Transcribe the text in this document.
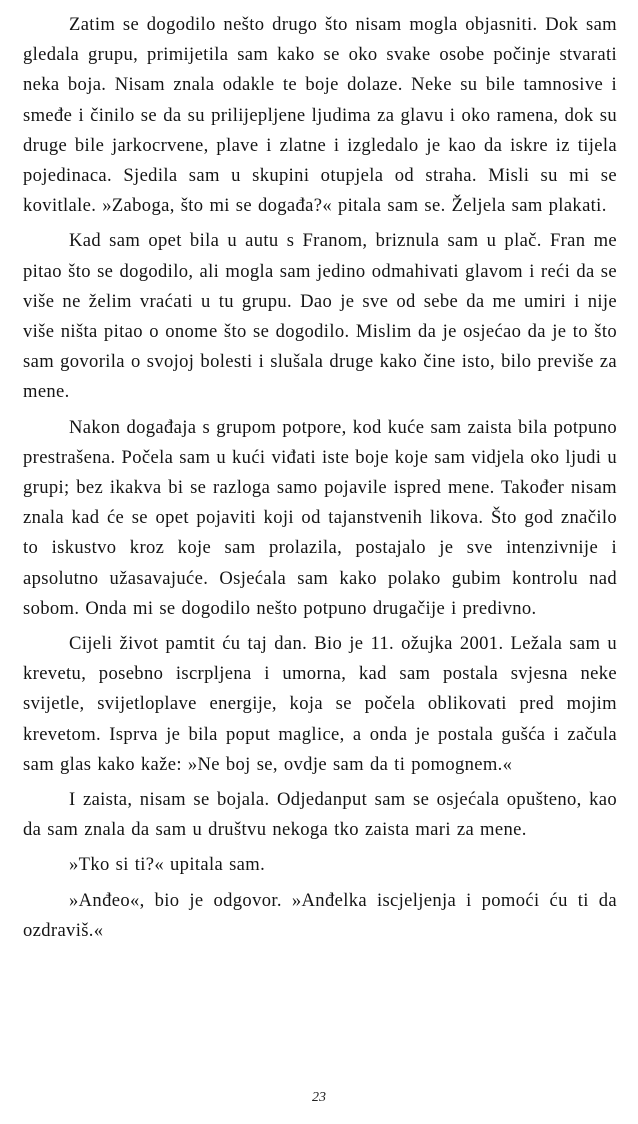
Zatim se dogodilo nešto drugo što nisam mogla objasniti. Dok sam gledala grupu, primijetila sam kako se oko svake osobe počinje stvarati neka boja. Nisam znala odakle te boje dolaze. Neke su bile tamnosive i smeđe i činilo se da su prilijepljene ljudima za glavu i oko ramena, dok su druge bile jarkocrvene, plave i zlatne i izgledalo je kao da iskre iz tijela pojedinaca. Sjedila sam u skupini otupjela od straha. Misli su mi se kovitlale. »Zaboga, što mi se događa?« pitala sam se. Željela sam plakati.

Kad sam opet bila u autu s Franom, briznula sam u plač. Fran me pitao što se dogodilo, ali mogla sam jedino odmahivati glavom i reći da se više ne želim vraćati u tu grupu. Dao je sve od sebe da me umiri i nije više ništa pitao o onome što se dogodilo. Mislim da je osjećao da je to što sam govorila o svojoj bolesti i slušala druge kako čine isto, bilo previše za mene.

Nakon događaja s grupom potpore, kod kuće sam zaista bila potpuno prestrašena. Počela sam u kući viđati iste boje koje sam vidjela oko ljudi u grupi; bez ikakva bi se razloga samo pojavile ispred mene. Također nisam znala kad će se opet pojaviti koji od tajanstvenih likova. Što god značilo to iskustvo kroz koje sam prolazila, postajalo je sve intenzivnije i apsolutno užasavajuće. Osjećala sam kako polako gubim kontrolu nad sobom. Onda mi se dogodilo nešto potpuno drugačije i predivno.

Cijeli život pamtit ću taj dan. Bio je 11. ožujka 2001. Ležala sam u krevetu, posebno iscrpljena i umorna, kad sam postala svjesna neke svijetle, svijetloplave energije, koja se počela oblikovati pred mojim krevetom. Isprva je bila poput maglice, a onda je postala gušća i začula sam glas kako kaže: »Ne boj se, ovdje sam da ti pomognem.«

I zaista, nisam se bojala. Odjedanput sam se osjećala opušteno, kao da sam znala da sam u društvu nekoga tko zaista mari za mene.

»Tko si ti?« upitala sam.

»Anđeo«, bio je odgovor. »Anđelka iscjeljenja i pomoći ću ti da ozdraviš.«

23
